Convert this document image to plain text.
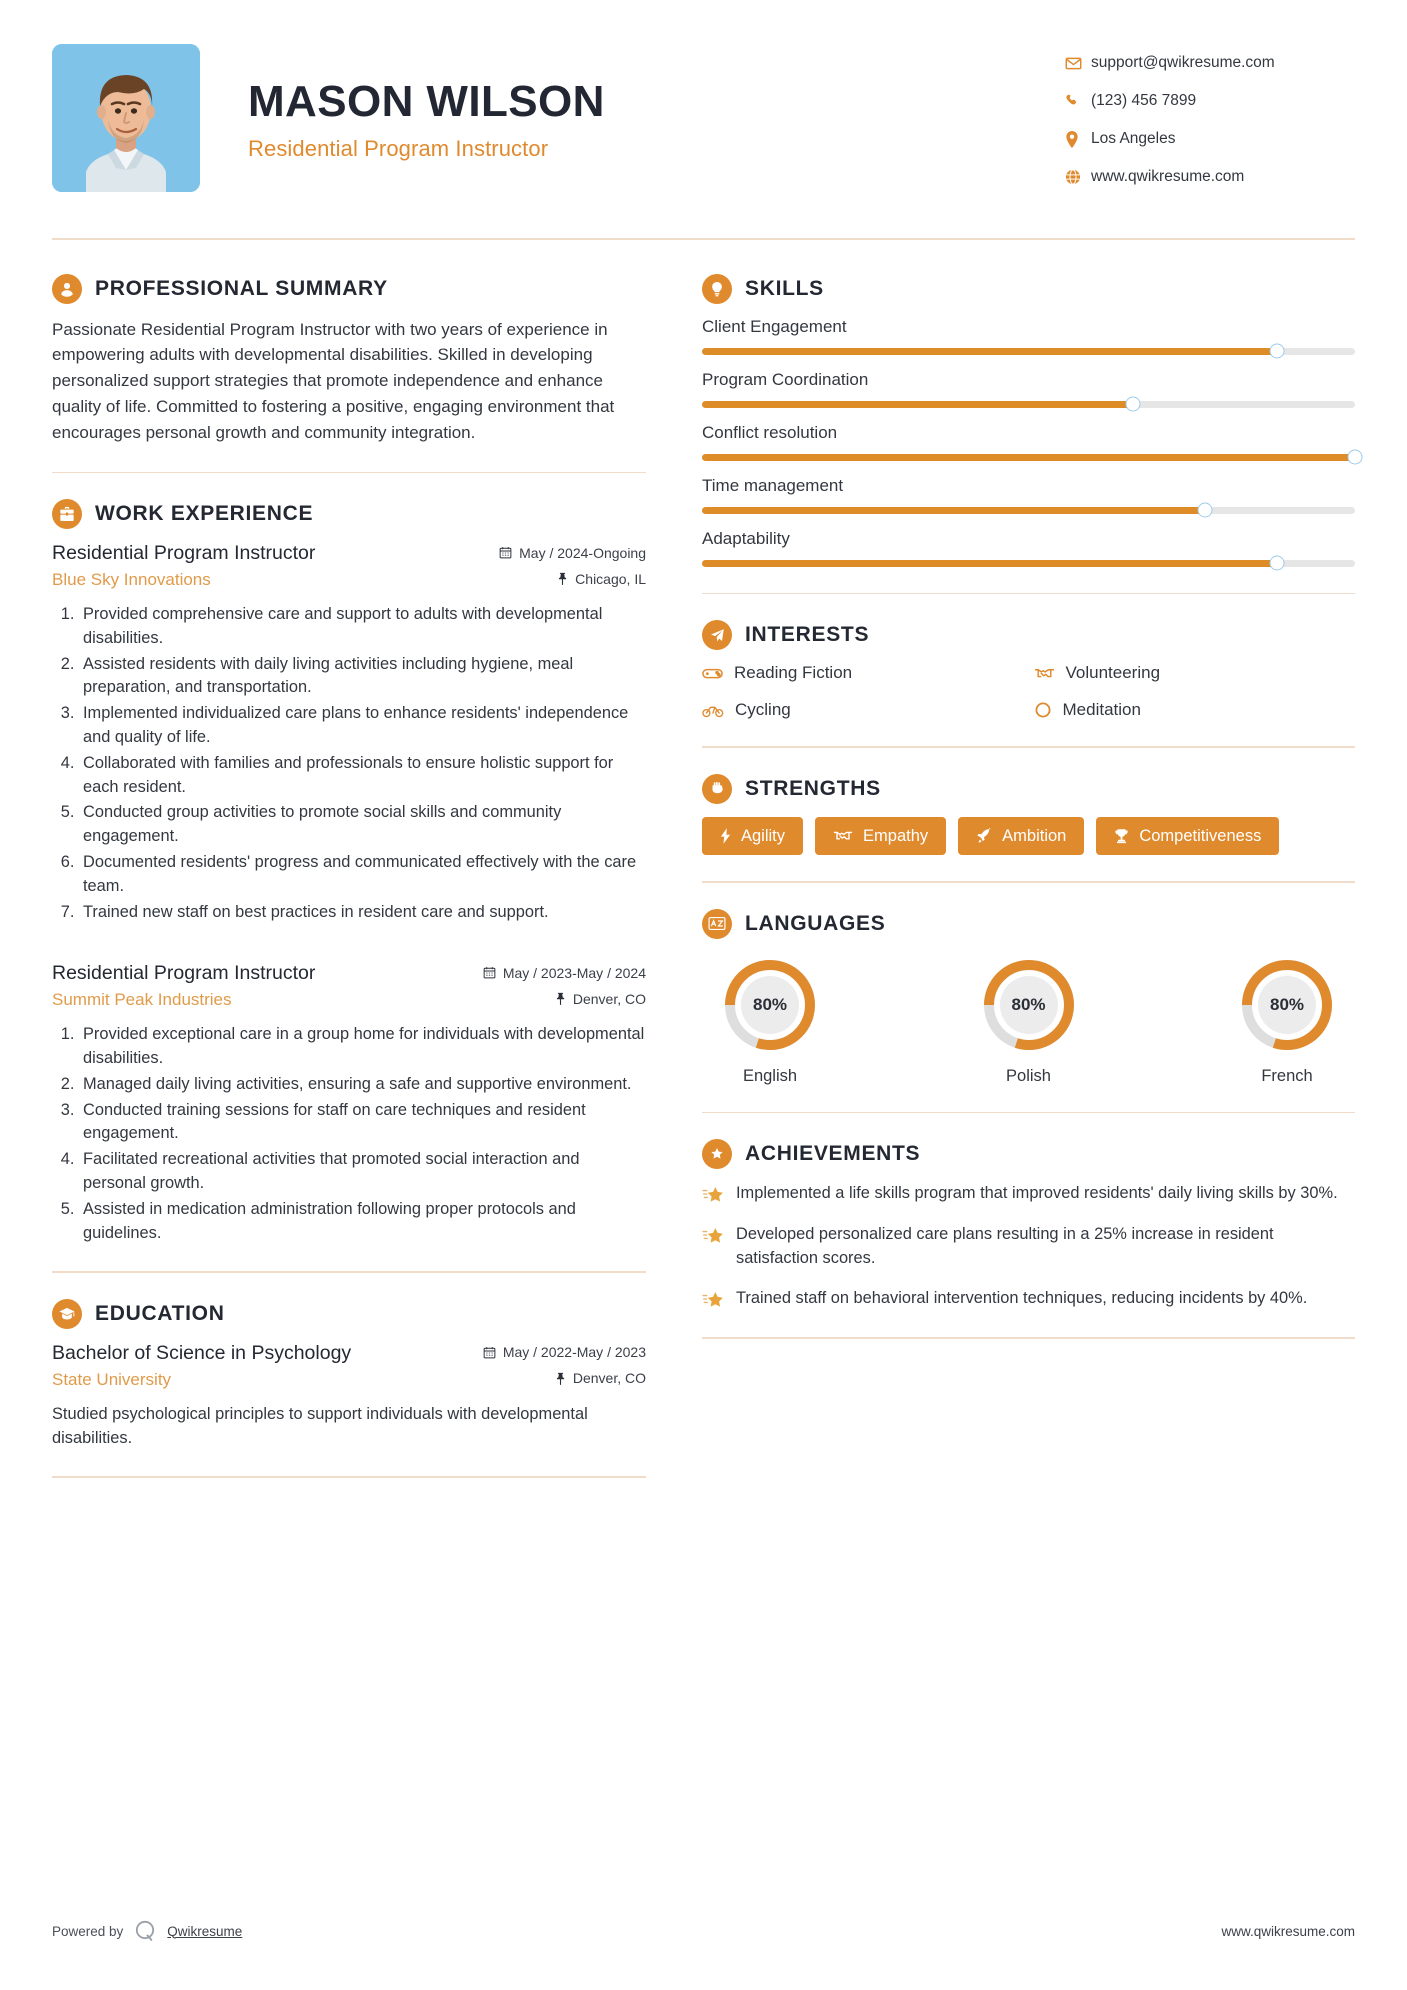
MASON WILSON
Residential Program Instructor
support@qwikresume.com
(123) 456 7899
Los Angeles
www.qwikresume.com
PROFESSIONAL SUMMARY
Passionate Residential Program Instructor with two years of experience in empowering adults with developmental disabilities. Skilled in developing personalized support strategies that promote independence and enhance quality of life. Committed to fostering a positive, engaging environment that encourages personal growth and community integration.
WORK EXPERIENCE
Residential Program Instructor	May / 2024-Ongoing
Blue Sky Innovations	Chicago, IL
1. Provided comprehensive care and support to adults with developmental disabilities.
2. Assisted residents with daily living activities including hygiene, meal preparation, and transportation.
3. Implemented individualized care plans to enhance residents' independence and quality of life.
4. Collaborated with families and professionals to ensure holistic support for each resident.
5. Conducted group activities to promote social skills and community engagement.
6. Documented residents' progress and communicated effectively with the care team.
7. Trained new staff on best practices in resident care and support.
Residential Program Instructor	May / 2023-May / 2024
Summit Peak Industries	Denver, CO
1. Provided exceptional care in a group home for individuals with developmental disabilities.
2. Managed daily living activities, ensuring a safe and supportive environment.
3. Conducted training sessions for staff on care techniques and resident engagement.
4. Facilitated recreational activities that promoted social interaction and personal growth.
5. Assisted in medication administration following proper protocols and guidelines.
EDUCATION
Bachelor of Science in Psychology	May / 2022-May / 2023
State University	Denver, CO
Studied psychological principles to support individuals with developmental disabilities.
SKILLS
Client Engagement
Program Coordination
Conflict resolution
Time management
Adaptability
INTERESTS
Reading Fiction	Volunteering
Cycling	Meditation
STRENGTHS
Agility	Empathy	Ambition	Competitiveness
LANGUAGES
80%
English
80%
Polish
80%
French
ACHIEVEMENTS
Implemented a life skills program that improved residents' daily living skills by 30%.
Developed personalized care plans resulting in a 25% increase in resident satisfaction scores.
Trained staff on behavioral intervention techniques, reducing incidents by 40%.
Powered by	Qwikresume	www.qwikresume.com
